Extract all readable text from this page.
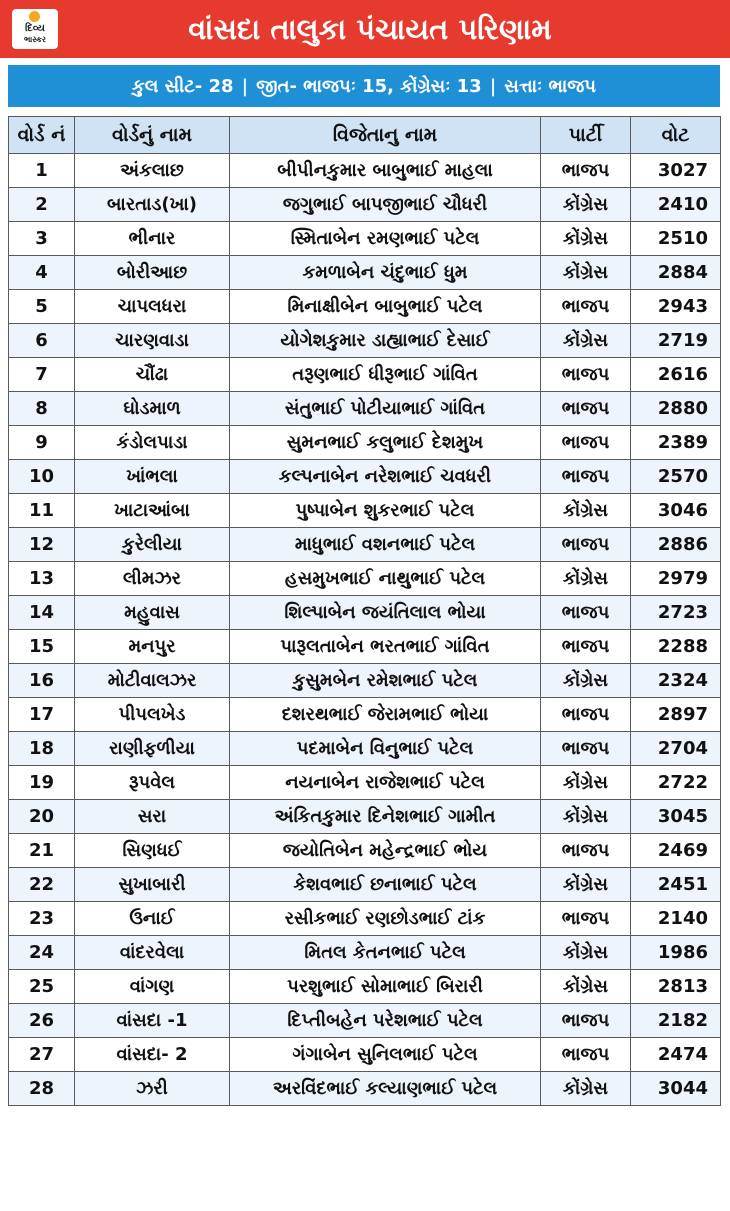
દિવ્ય
ભાસ્કર	વાંસદા તાલુકા પંચાયત પરિણામ
કુલ સીટ- 28 | જીત- ભાજપઃ 15, કોંગ્રેસઃ 13 | સત્તાઃ ભાજપ
વોર્ડ નં	વોર્ડનું નામ	વિજેતાનુ નામ	પાર્ટી	વોટ
1	અંકલાછ	બીપીનકુમાર બાબુભાઈ માહલા	ભાજપ	3027
2	બારતાડ(ખા)	જગુભાઈ બાપજીભાઈ ચૌધરી	કોંગ્રેસ	2410
3	ભીનાર	સ્મિતાબેન રમણભાઈ પટેલ	કોંગ્રેસ	2510
4	બોરીઆછ	કમળાબેન ચંદુભાઈ ધુમ	કોંગ્રેસ	2884
5	ચાપલધરા	મિનાક્ષીબેન બાબુભાઈ પટેલ	ભાજપ	2943
6	ચારણવાડા	યોગેશકુમાર ડાહ્યાભાઈ દેસાઈ	કોંગ્રેસ	2719
7	ચૌંઢા	તરૂણભાઈ ધીરૂભાઈ ગાંવિત	ભાજપ	2616
8	ઘોડમાળ	સંતુભાઈ પોટીયાભાઈ ગાંવિત	ભાજપ	2880
9	કંડોલપાડા	સુમનભાઈ કલુભાઈ દેશમુખ	ભાજપ	2389
10	ખાંભલા	કલ્પનાબેન નરેશભાઈ ચવધરી	ભાજપ	2570
11	ખાટાઆંબા	પુષ્પાબેન શુકરભાઈ પટેલ	કોંગ્રેસ	3046
12	કુરેલીયા	માધુભાઈ વશનભાઈ પટેલ	ભાજપ	2886
13	લીમઝર	હસમુખભાઈ નાથુભાઈ પટેલ	કોંગ્રેસ	2979
14	મહુવાસ	શિલ્પાબેન જયંતિલાલ ભોયા	ભાજપ	2723
15	મનપુર	પારૂલતાબેન ભરતભાઈ ગાંવિત	ભાજપ	2288
16	મોટીવાલઝર	કુસુમબેન રમેશભાઈ પટેલ	કોંગ્રેસ	2324
17	પીપલખેડ	દશરથભાઈ જેરામભાઈ ભોયા	ભાજપ	2897
18	રાણીફળીયા	પદમાબેન વિનુભાઈ પટેલ	ભાજપ	2704
19	રૂપવેલ	નયનાબેન રાજેશભાઈ પટેલ	કોંગ્રેસ	2722
20	સરા	અંકિતકુમાર દિનેશભાઈ ગામીત	કોંગ્રેસ	3045
21	સિણધઈ	જયોતિબેન મહેન્દ્રભાઈ ભોય	ભાજપ	2469
22	સુખાબારી	કેશવભાઈ છનાભાઈ પટેલ	કોંગ્રેસ	2451
23	ઉનાઈ	રસીકભાઈ રણછોડભાઈ ટાંક	ભાજપ	2140
24	વાંદરવેલા	મિતલ કેતનભાઈ પટેલ	કોંગ્રેસ	1986
25	વાંગણ	પરશુભાઈ સોમાભાઈ બિરારી	કોંગ્રેસ	2813
26	વાંસદા -1	દિપ્તીબહેન પરેશભાઈ પટેલ	ભાજપ	2182
27	વાંસદા- 2	ગંગાબેન સુનિલભાઈ પટેલ	ભાજપ	2474
28	ઝરી	અરવિંદભાઈ કલ્યાણભાઈ પટેલ	કોંગ્રેસ	3044
